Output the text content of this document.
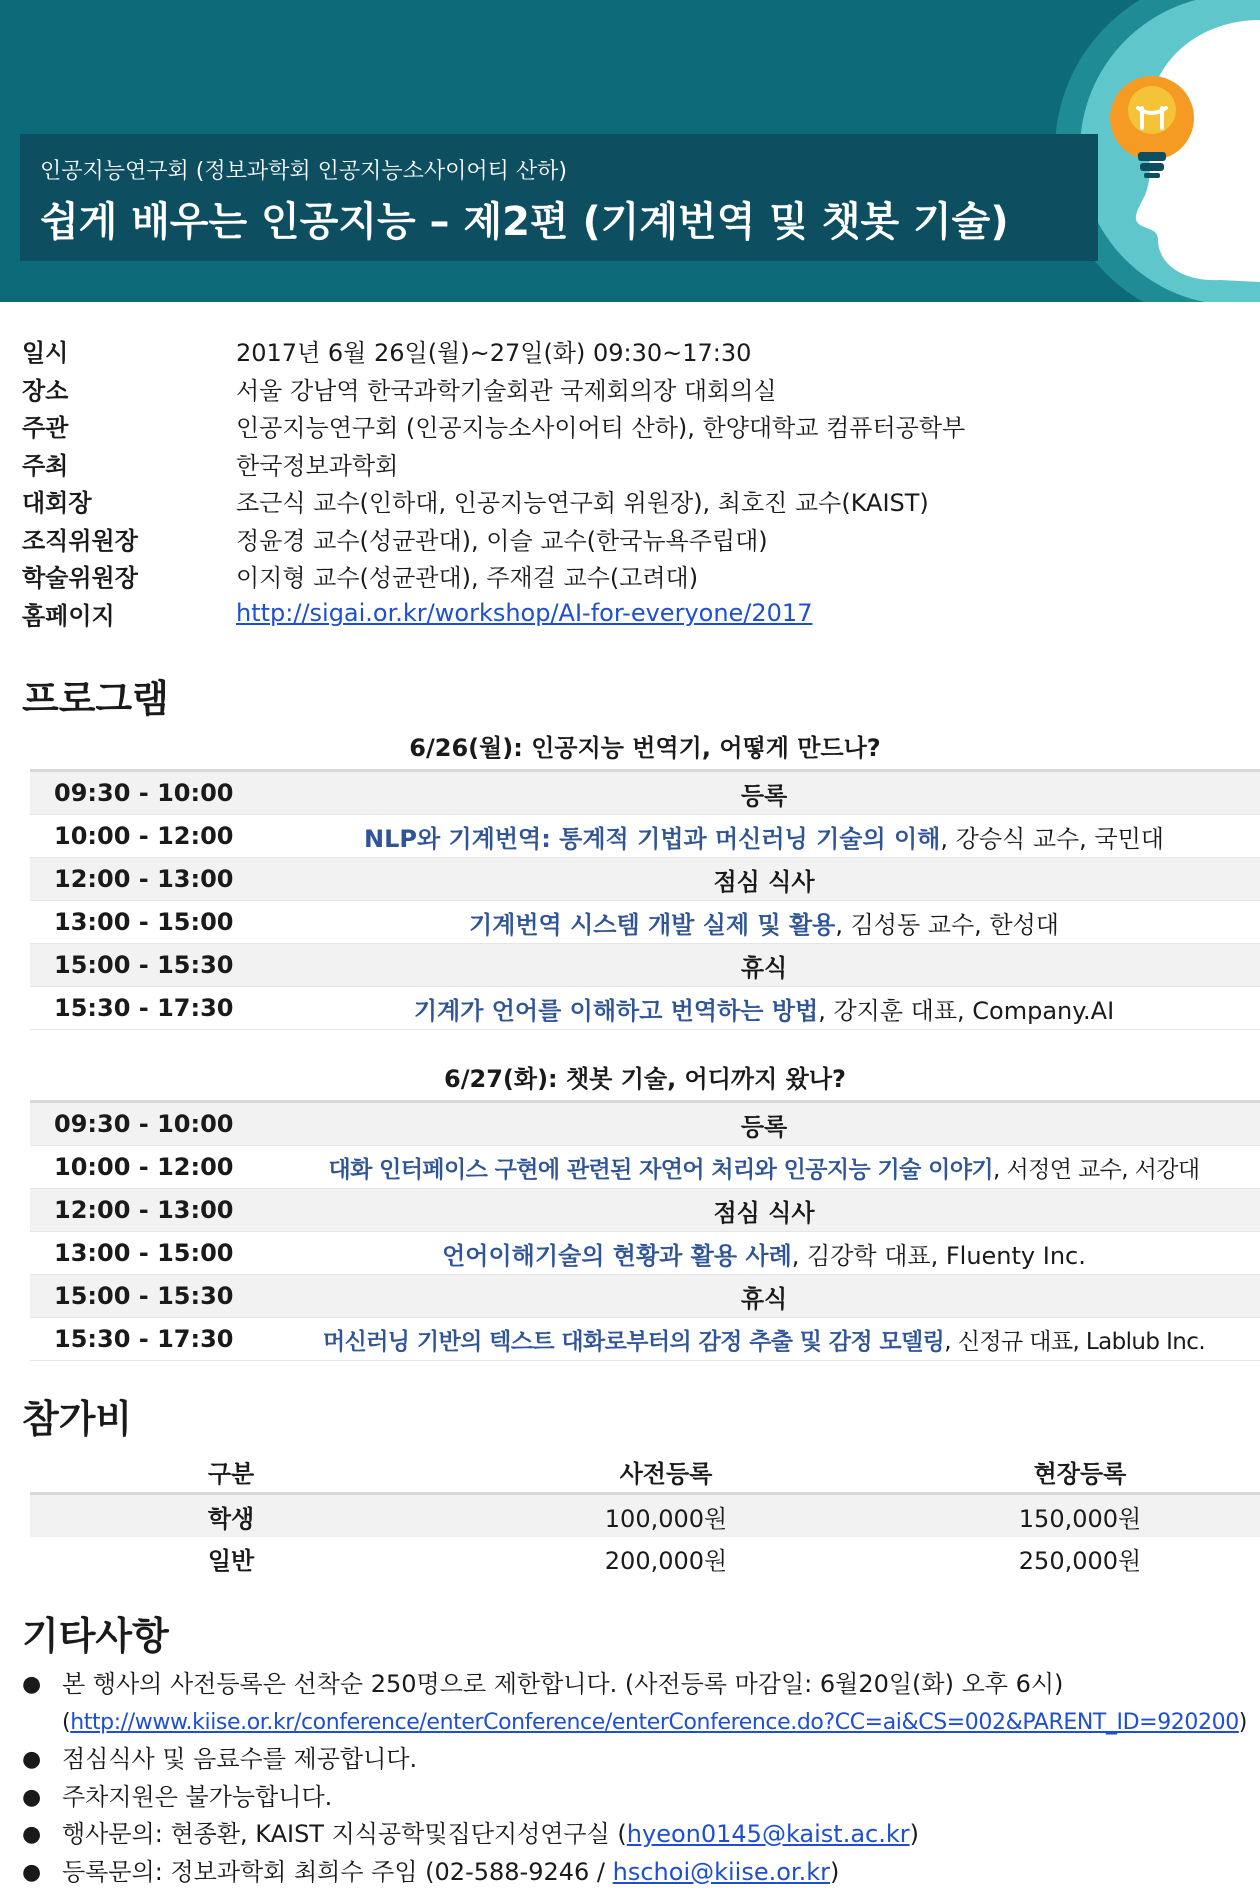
인공지능연구회 (정보과학회 인공지능소사이어티 산하)
쉽게 배우는 인공지능 – 제2편 (기계번역 및 챗봇 기술)
일시	2017년 6월 26일(월)~27일(화) 09:30~17:30
장소	서울 강남역 한국과학기술회관 국제회의장 대회의실
주관	인공지능연구회 (인공지능소사이어티 산하), 한양대학교 컴퓨터공학부
주최	한국정보과학회
대회장	조근식 교수(인하대, 인공지능연구회 위원장), 최호진 교수(KAIST)
조직위원장	정윤경 교수(성균관대), 이슬 교수(한국뉴욕주립대)
학술위원장	이지형 교수(성균관대), 주재걸 교수(고려대)
홈페이지	http://sigai.or.kr/workshop/AI-for-everyone/2017
프로그램
6/26(월): 인공지능 번역기, 어떻게 만드나?
09:30 - 10:00	등록
10:00 - 12:00	NLP와 기계번역: 통계적 기법과 머신러닝 기술의 이해, 강승식 교수, 국민대
12:00 - 13:00	점심 식사
13:00 - 15:00	기계번역 시스템 개발 실제 및 활용, 김성동 교수, 한성대
15:00 - 15:30	휴식
15:30 - 17:30	기계가 언어를 이해하고 번역하는 방법, 강지훈 대표, Company.AI
6/27(화): 챗봇 기술, 어디까지 왔나?
09:30 - 10:00	등록
10:00 - 12:00	대화 인터페이스 구현에 관련된 자연어 처리와 인공지능 기술 이야기, 서정연 교수, 서강대
12:00 - 13:00	점심 식사
13:00 - 15:00	언어이해기술의 현황과 활용 사례, 김강학 대표, Fluenty Inc.
15:00 - 15:30	휴식
15:30 - 17:30	머신러닝 기반의 텍스트 대화로부터의 감정 추출 및 감정 모델링, 신정규 대표, Lablub Inc.
참가비
구분	사전등록	현장등록
학생	100,000원	150,000원
일반	200,000원	250,000원
기타사항
● 본 행사의 사전등록은 선착순 250명으로 제한합니다. (사전등록 마감일: 6월20일(화) 오후 6시)
(http://www.kiise.or.kr/conference/enterConference/enterConference.do?CC=ai&CS=002&PARENT_ID=920200)
● 점심식사 및 음료수를 제공합니다.
● 주차지원은 불가능합니다.
● 행사문의: 현종환, KAIST 지식공학및집단지성연구실 (hyeon0145@kaist.ac.kr)
● 등록문의: 정보과학회 최희수 주임 (02-588-9246 / hschoi@kiise.or.kr)
